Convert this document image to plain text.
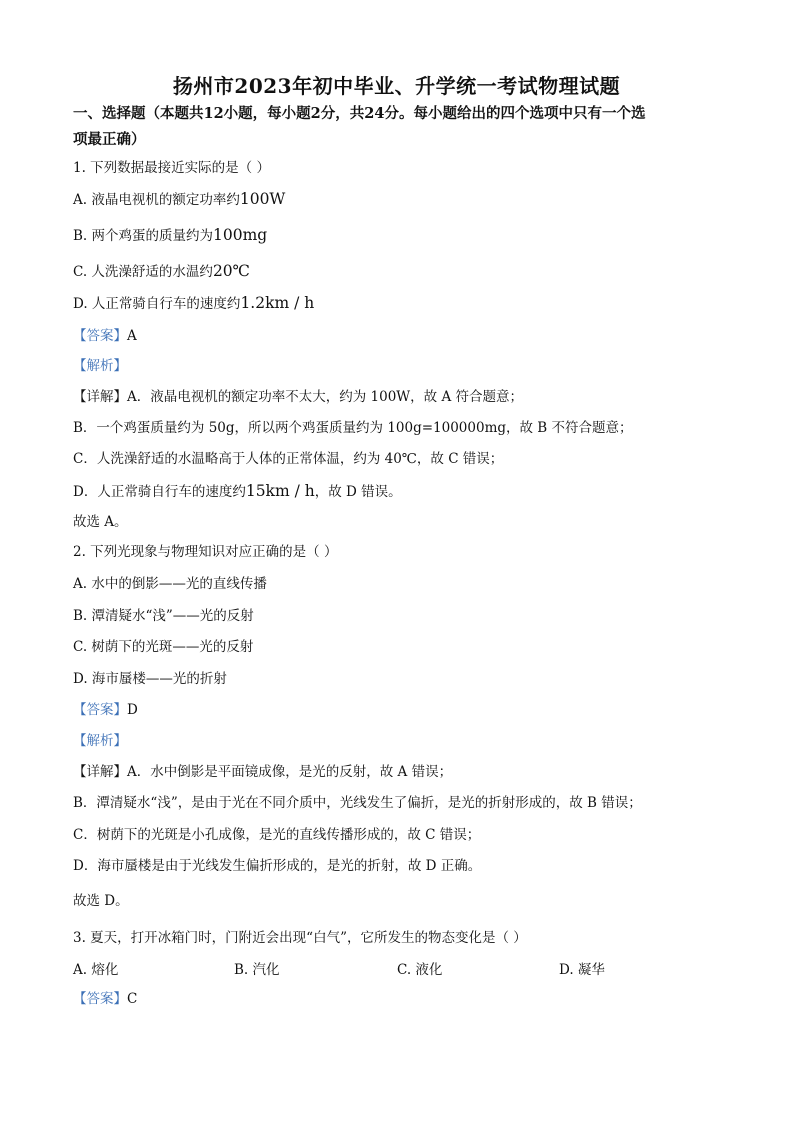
扬州市2023年初中毕业、升学统一考试物理试题
一、选择题（本题共12小题，每小题2分，共24分。每小题给出的四个选项中只有一个选
项最正确）
1. 下列数据最接近实际的是（ ）
A. 液晶电视机的额定功率约100W
B. 两个鸡蛋的质量约为100mg
C. 人洗澡舒适的水温约20℃
D. 人正常骑自行车的速度约1.2km / h
【答案】A
【解析】
【详解】A．液晶电视机的额定功率不太大，约为 100W，故 A 符合题意；
B．一个鸡蛋质量约为 50g，所以两个鸡蛋质量约为 100g=100000mg，故 B 不符合题意；
C．人洗澡舒适的水温略高于人体的正常体温，约为 40℃，故 C 错误；
D．人正常骑自行车的速度约15km / h，故 D 错误。
故选 A。
2. 下列光现象与物理知识对应正确的是（ ）
A. 水中的倒影——光的直线传播
B. 潭清疑水“浅”——光的反射
C. 树荫下的光斑——光的反射
D. 海市蜃楼——光的折射
【答案】D
【解析】
【详解】A．水中倒影是平面镜成像，是光的反射，故 A 错误；
B．潭清疑水“浅”，是由于光在不同介质中，光线发生了偏折，是光的折射形成的，故 B 错误；
C．树荫下的光斑是小孔成像，是光的直线传播形成的，故 C 错误；
D．海市蜃楼是由于光线发生偏折形成的，是光的折射，故 D 正确。
故选 D。
3. 夏天，打开冰箱门时，门附近会出现“白气”，它所发生的物态变化是（ ）
A. 熔化	B. 汽化	C. 液化	D. 凝华
【答案】C
